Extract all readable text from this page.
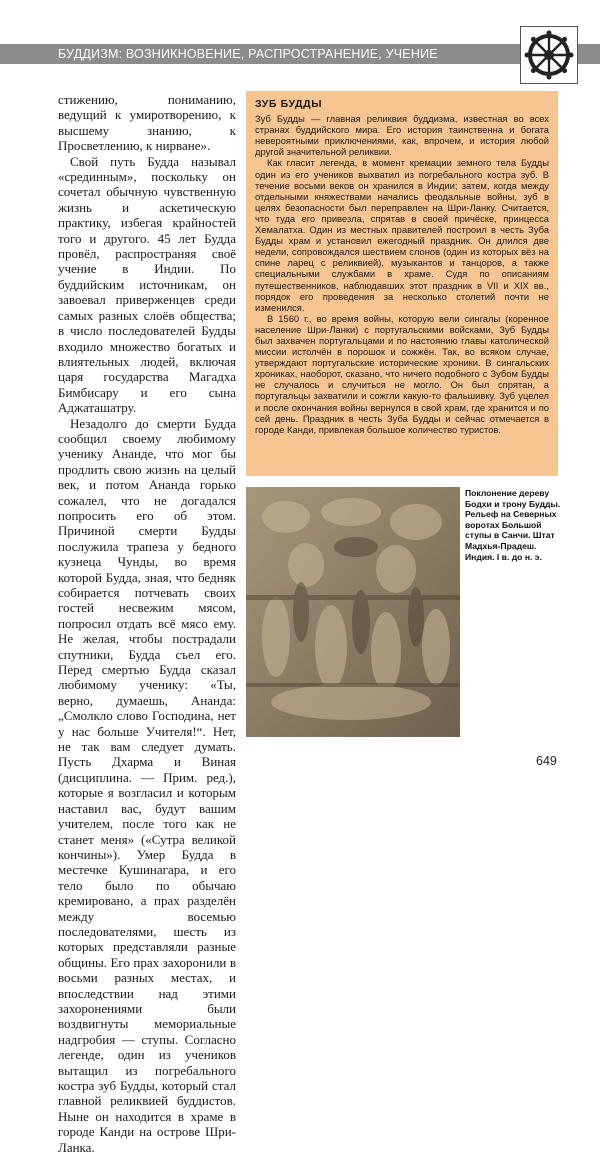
БУДДИЗМ: ВОЗНИКНОВЕНИЕ, РАСПРОСТРАНЕНИЕ, УЧЕНИЕ

стижению, пониманию, ведущий к умиротворению, к высшему знанию, к Просветлению, к нирване».

Свой путь Будда называл «срединным», поскольку он сочетал обычную чувственную жизнь и аскетическую практику, избегая крайностей того и другого. 45 лет Будда провёл, распространяя своё учение в Индии. По буддийским источникам, он завоевал приверженцев среди самых разных слоёв общества; в число последователей Будды входило множество богатых и влиятельных людей, включая царя государства Магадха Бимбисару и его сына Аджаташатру.

Незадолго до смерти Будда сообщил своему любимому ученику Ананде, что мог бы продлить свою жизнь на целый век, и потом Ананда горько сожалел, что не догадался попросить его об этом. Причиной смерти Будды послужила трапеза у бедного кузнеца Чунды, во время которой Будда, зная, что бедняк собирается потчевать своих гостей несвежим мясом, попросил отдать всё мясо ему. Не желая, чтобы пострадали спутники, Будда съел его. Перед смертью Будда сказал любимому ученику: «Ты, верно, думаешь, Ананда: „Смолкло слово Господина, нет у нас больше Учителя!“. Нет, не так вам следует думать. Пусть Дхарма и Виная (дисциплина. — Прим. ред.), которые я возгласил и которым наставил вас, будут вашим учителем, после того как не станет меня» («Сутра великой кончины»). Умер Будда в местечке Кушинагара, и его тело было по обычаю кремировано, а прах разделён между восемью последователями, шесть из которых представляли разные общины. Его прах захоронили в восьми разных местах, и впоследствии над этими захоронениями были воздвигнуты мемориальные надгробия — ступы. Согласно легенде, один из учеников вытащил из погребального костра зуб Будды, который стал главной реликвией буддистов. Ныне он находится в храме в городе Канди на острове Шри-Ланка.

ЗУБ БУДДЫ

Зуб Будды — главная реликвия буддизма, известная во всех странах буддийского мира. Его история таинственна и богата невероятными приключениями, как, впрочем, и история любой другой значительной реликвии.

Как гласит легенда, в момент кремации земного тела Будды один из его учеников выхватил из погребального костра зуб. В течение восьми веков он хранился в Индии; затем, когда между отдельными княжествами начались феодальные войны, зуб в целях безопасности был переправлен на Шри-Ланку. Считается, что туда его привезла, спрятав в своей причёске, принцесса Хемалатха. Один из местных правителей построил в честь Зуба Будды храм и установил ежегодный праздник. Он длился две недели, сопровождался шествием слонов (один из которых вёз на спине ларец с реликвией), музыкантов и танцоров, а также специальными службами в храме. Судя по описаниям путешественников, наблюдавших этот праздник в VII и XIX вв., порядок его проведения за несколько столетий почти не изменился.

В 1560 г., во время войны, которую вели сингалы (коренное население Шри-Ланки) с португальскими войсками, Зуб Будды был захвачен португальцами и по настоянию главы католической миссии истолчён в порошок и сожжён. Так, во всяком случае, утверждают португальские исторические хроники. В сингальских хрониках, наоборот, сказано, что ничего подобного с Зубом Будды не случалось и случиться не могло. Он был спрятан, а португальцы захватили и сожгли какую-то фальшивку. Зуб уцелел и после окончания войны вернулся в свой храм, где хранится и по сей день. Праздник в честь Зуба Будды и сейчас отмечается в городе Канди, привлекая большое количество туристов.

Поклонение дереву Бодхи и трону Будды. Рельеф на Северных воротах Большой ступы в Санчи. Штат Мадхья-Прадеш. Индия. I в. до н. э.
649
